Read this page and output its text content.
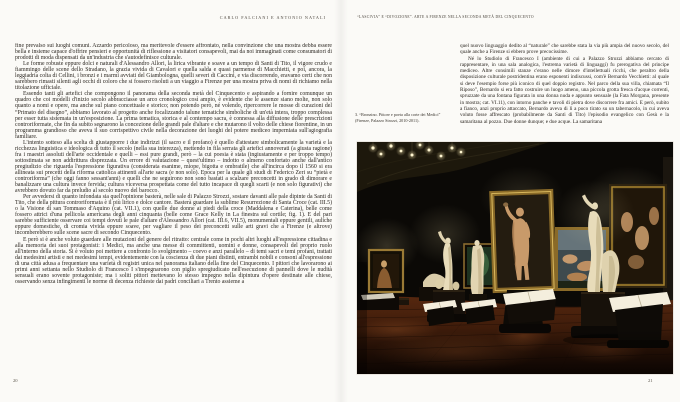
CARLO FALCIANI E ANTONIO NATALI

fine prevalso sui luoghi comuni. Azzardo pericoloso, ma meritevole d'essere affrontato, nella convinzione che una mostra debba essere bella e insieme capace d'offrire pensieri e opportunità di riflessione a visitatori consapevoli, mai da noi immaginati come consumatori di prodotti di moda dispensati da un'industria che s'autodefinisce culturale.

Le forme robuste eppure dolci e naturali d'Alessandro Allori, la lirica vibrante e soave a un tempo di Santi di Tito, il vigore crudo e fiammingo delle scene dello Stradano, la grazia vivida di Cavalori e quella salda e quasi parmense di Macchietti, e poi, ancora, la leggiadria colta di Cellini, i bronzi e i marmi avviati del Giambologna, quelli severi di Caccini, e via discorrendo, eravamo certi che non sarebbero rimasti silenti agli occhi di coloro che si fossero risoluti a un viaggio a Firenze per una mostra priva di nomi di richiamo nella titolazione ufficiale.

Essendo tanti gli artefici che compongono il panorama della seconda metà del Cinquecento e aspirando a fornire comunque un quadro che coi modelli d'inizio secolo abbracciasse un arco cronologico così ampio, è evidente che le assenze siano molte, non solo quanto a nomi e opere, ma anche sul piano concettuale e storico; non potendo però, né volendo, ripercorrere le mosse di curazioni del “Primato del disegno”, abbiamo lavorato al progetto anche focalizzando talune tematiche simboliche di un'età intera, troppo complessa per esser tutta sistemata in un'esposizione. La prima tematica, storica e al contempo sacra, è connessa alla diffusione delle prescrizioni controriformate, che fin da subito segnarono la concezione delle grandi pale d'altare e che mutarono il volto delle chiese fiorentine, in un programma grandioso che aveva il suo corrispettivo civile nella decorazione dei luoghi del potere mediceo imperniata sull'agiografia familiare.

L'intento sotteso alla scelta di giustapporre i due indirizzi (il sacro e il profano) è quello d'attestare simbolicamente la varietà e la ricchezza linguistica e ideologica di tutto il secolo (nella sua interezza), mettendo in fila serrata gli artefici annoverati (a giusta ragione) fra i maestri assoluti dell'arte occidentale e quelli – essi pure grandi, però – la cui poesia è stata (ingiustamente e per troppo tempo) sottostimata se non addirittura disprezzata. Un errore di valutazione – quest'ultimo – indotto o almeno confortato anche dall'antico pregiudizio che riguarda l'espressione figurativa (considerata esanime, miope, bigotta e ombratile) che all'incirca dopo il 1560 si era allineata sui precetti della riforma cattolica attinenti all'arte sacra (e non solo). Epoca per la quale gli studi di Federico Zeri su “pietà e controriforma” (che oggi fanno sessant'anni) e quelli che ne seguirono non sono bastati a scalzare preconcetti in grado di dimorare e banalizzare una cultura invece fervida; cultura viceversa prospettata come del tutto incapace di quegli scarti (e non solo figurativi) che avrebbero dovuto far da preludio al secolo nuovo del barocco.

Per avvedersi di quanto infondata sia quell'opinione basterà, nelle sale di Palazzo Strozzi, sostare davanti alle pale dipinte da Santi di Tito, che della pittura controriformata è il più lirico e dolce cantore. Basterà guardare la sublime Resurrezione di Santa Croce (cat. III.5) o la Visione di san Tommaso d'Aquino (cat. VII.1), con quelle due donne ai piedi della croce (Maddalena e Caterina), belle come fossero attrici d'una pellicola americana degli anni cinquanta (belle come Grace Kelly in La finestra sul cortile; fig. 1). E del pari sarebbe sufficiente osservare coi tempi dovuti le pale d'altare d'Alessandro Allori (cat. III.6, VII.5), monumentali eppure gentili, auliche eppure domestiche, di cromia vivida eppure soave, per vagliare il peso dei preconcetti sulle arti gravi che a Firenze (e altrove) incomberebbero sulle scene sacre di secondo Cinquecento.

E però si è anche voluto guardare alle mutazioni del genere del ritratto: centrale come in pochi altri luoghi all'espressione cittadina e alla memoria dei suoi protagonisti: i Medici, ma anche una messe di committenti, uomini e donne, consapevoli del proprio ruolo all'interno della storia. Si è voluto poi mettere a confronto lo svolgimento – coevo e anzi parallelo – di temi sacri e temi profani, trattati dai medesimi artisti e nei medesimi tempi, evidentemente con la coscienza di due piani distinti, entrambi nobili e consoni all'espressione di una città adusa a frequentare una varietà di registri unica nel panorama italiano della fine del Cinquecento. I pittori che lavorarono ai primi anni settanta nello Studiolo di Francesco I s'impegnarono con piglio spregiudicato nell'esecuzione di pannelli dove le nudità sensuali erano sovente protagoniste; ma i soliti pittori mettevano lo stesso impegno nella dipintura d'opere destinate alle chiese, osservando senza infingimenti le norme di decenza richieste dai padri conciliari a Trento assieme a

20
“LASCIVIA” E “DIVOZIONE”. ARTE A FIRENZE NELLA SECONDA METÀ DEL CINQUECENTO

quel nuovo linguaggio dedito al “naturale” che sarebbe stata la via più ampia del nuovo secolo, del quale anche a Firenze si ebbero prove precocissime.

Né lo Studiolo di Francesco I (ambiente di cui a Palazzo Strozzi abbiamo cercato di rappresentare, in una sala analogica, l'estrema varietà di linguaggi) fu prerogativa del principe mediceo. Altre consimili stanze c'erano nelle dimore d'intellettuali ricchi, che peraltro della disposizione culturale postridentina erano esponenti indiscussi, com'è Bernardo Vecchietti: al quale si deve l'esempio forse più iconico di quel doppio registro. Nel parco della sua villa, chiamata “Il Riposo”, Bernardo si era fatto costruire un luogo ameno, una piccola grotta fresca d'acque correnti, spruzzate da una fontana figurata in una donna nuda e appunto sensuale (la Fata Morgana, presente in mostra; cat. VI.11), con intorno panche e tavoli di pietra dove discorrere fra amici. E però, subito a fianco, anzi proprio attaccato, Bernardo aveva di lì a poco tirato su un tabernacolo, in cui aveva voluto fosse affrescato (probabilmente da Santi di Tito) l'episodio evangelico con Gesù e la samaritana al pozzo. Due donne dunque; e due acque. La samaritana

3. “Bronzino. Pittore e poeta alla corte dei Medici”
(Firenze, Palazzo Strozzi, 2010-2011).
21
